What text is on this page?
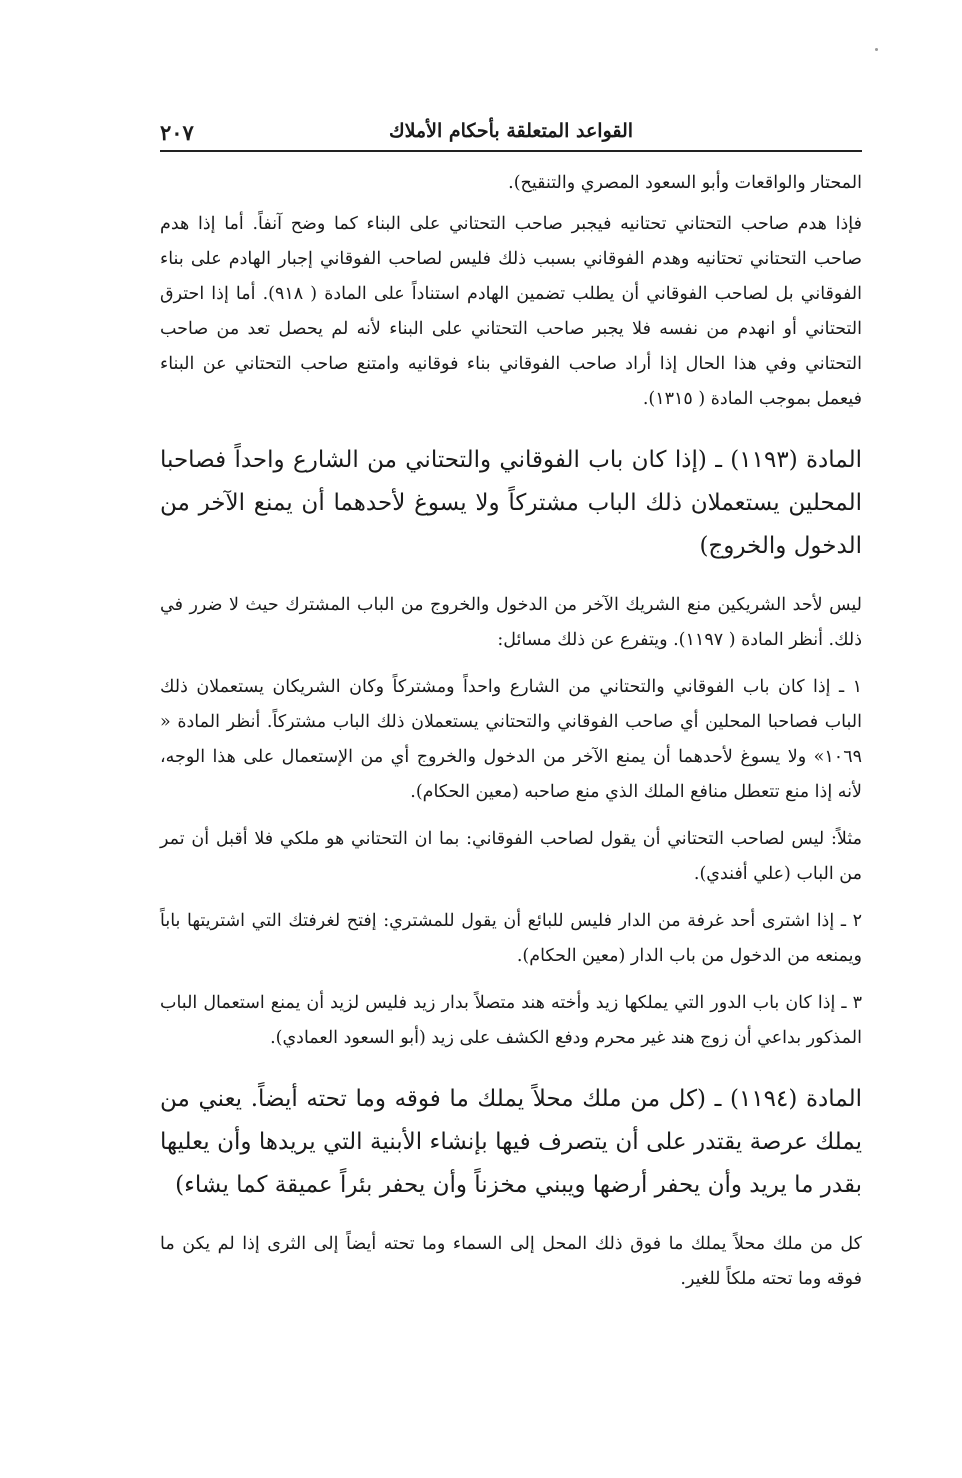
٢٠٧	القواعد المتعلقة بأحكام الأملاك

المحتار والواقعات وأبو السعود المصري والتنقيح).

فإذا هدم صاحب التحتاني تحتانيه فيجبر صاحب التحتاني على البناء كما وضح آنفاً. أما إذا هدم صاحب التحتاني تحتانيه وهدم الفوقاني بسبب ذلك فليس لصاحب الفوقاني إجبار الهادم على بناء الفوقاني بل لصاحب الفوقاني أن يطلب تضمين الهادم استناداً على المادة ( ٩١٨). أما إذا احترق التحتاني أو انهدم من نفسه فلا يجبر صاحب التحتاني على البناء لأنه لم يحصل تعد من صاحب التحتاني وفي هذا الحال إذا أراد صاحب الفوقاني بناء فوقانيه وامتنع صاحب التحتاني عن البناء فيعمل بموجب المادة ( ١٣١٥).

المادة (١١٩٣) ـ (إذا كان باب الفوقاني والتحتاني من الشارع واحداً فصاحبا المحلين يستعملان ذلك الباب مشتركاً ولا يسوغ لأحدهما أن يمنع الآخر من الدخول والخروج)

ليس لأحد الشريكين منع الشريك الآخر من الدخول والخروج من الباب المشترك حيث لا ضرر في ذلك. أنظر المادة ( ١١٩٧). ويتفرع عن ذلك مسائل:

١ ـ إذا كان باب الفوقاني والتحتاني من الشارع واحداً ومشتركاً وكان الشريكان يستعملان ذلك الباب فصاحبا المحلين أي صاحب الفوقاني والتحتاني يستعملان ذلك الباب مشتركاً. أنظر المادة « ١٠٦٩» ولا يسوغ لأحدهما أن يمنع الآخر من الدخول والخروج أي من الإستعمال على هذا الوجه، لأنه إذا منع تتعطل منافع الملك الذي منع صاحبه (معين الحكام).

مثلاً: ليس لصاحب التحتاني أن يقول لصاحب الفوقاني: بما ان التحتاني هو ملكي فلا أقبل أن تمر من الباب (علي أفندي).

٢ ـ إذا اشترى أحد غرفة من الدار فليس للبائع أن يقول للمشتري: إفتح لغرفتك التي اشتريتها باباً ويمنعه من الدخول من باب الدار (معين الحكام).

٣ ـ إذا كان باب الدور التي يملكها زيد وأخته هند متصلاً بدار زيد فليس لزيد أن يمنع استعمال الباب المذكور بداعي أن زوج هند غير محرم ودفع الكشف على زيد (أبو السعود العمادي).

المادة (١١٩٤) ـ (كل من ملك محلاً يملك ما فوقه وما تحته أيضاً. يعني من يملك عرصة يقتدر على أن يتصرف فيها بإنشاء الأبنية التي يريدها وأن يعليها بقدر ما يريد وأن يحفر أرضها ويبني مخزناً وأن يحفر بئراً عميقة كما يشاء)

كل من ملك محلاً يملك ما فوق ذلك المحل إلى السماء وما تحته أيضاً إلى الثرى إذا لم يكن ما فوقه وما تحته ملكاً للغير.
